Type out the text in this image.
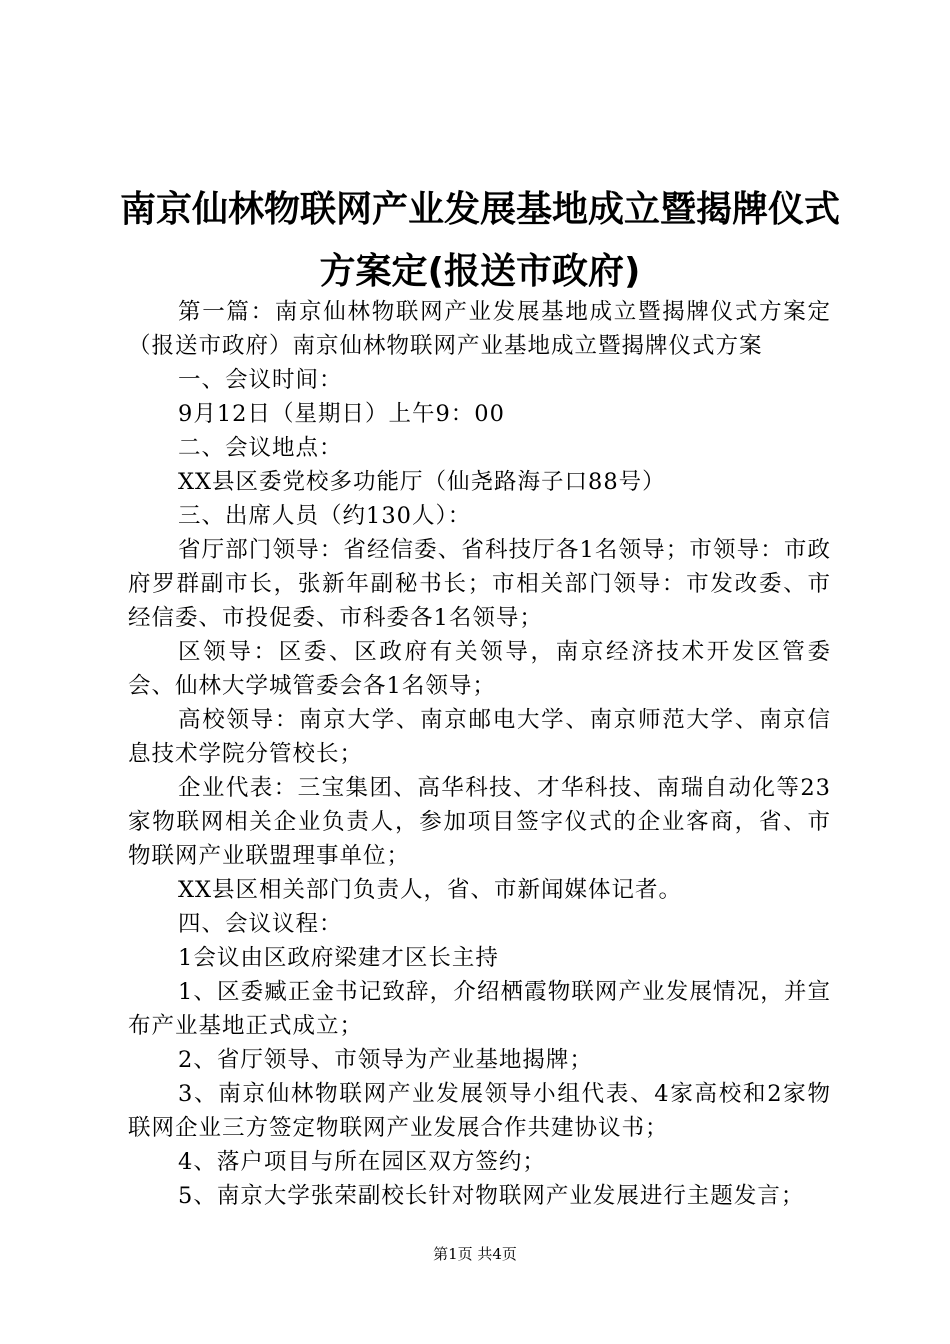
南京仙林物联网产业发展基地成立暨揭牌仪式
方案定(报送市政府)

第一篇：南京仙林物联网产业发展基地成立暨揭牌仪式方案定（报送市政府）南京仙林物联网产业基地成立暨揭牌仪式方案

一、会议时间：

9月12日（星期日）上午9：00

二、会议地点：

XX县区委党校多功能厅（仙尧路海子口88号）

三、出席人员（约130人）：

省厅部门领导：省经信委、省科技厅各1名领导；市领导：市政府罗群副市长，张新年副秘书长；市相关部门领导：市发改委、市经信委、市投促委、市科委各1名领导；

区领导：区委、区政府有关领导，南京经济技术开发区管委会、仙林大学城管委会各1名领导；

高校领导：南京大学、南京邮电大学、南京师范大学、南京信息技术学院分管校长；

企业代表：三宝集团、高华科技、才华科技、南瑞自动化等23家物联网相关企业负责人，参加项目签字仪式的企业客商，省、市物联网产业联盟理事单位；

XX县区相关部门负责人，省、市新闻媒体记者。

四、会议议程：

1会议由区政府梁建才区长主持

1、区委臧正金书记致辞，介绍栖霞物联网产业发展情况，并宣布产业基地正式成立；

2、省厅领导、市领导为产业基地揭牌；

3、南京仙林物联网产业发展领导小组代表、4家高校和2家物联网企业三方签定物联网产业发展合作共建协议书；

4、落户项目与所在园区双方签约；

5、南京大学张荣副校长针对物联网产业发展进行主题发言；

第1页 共4页
